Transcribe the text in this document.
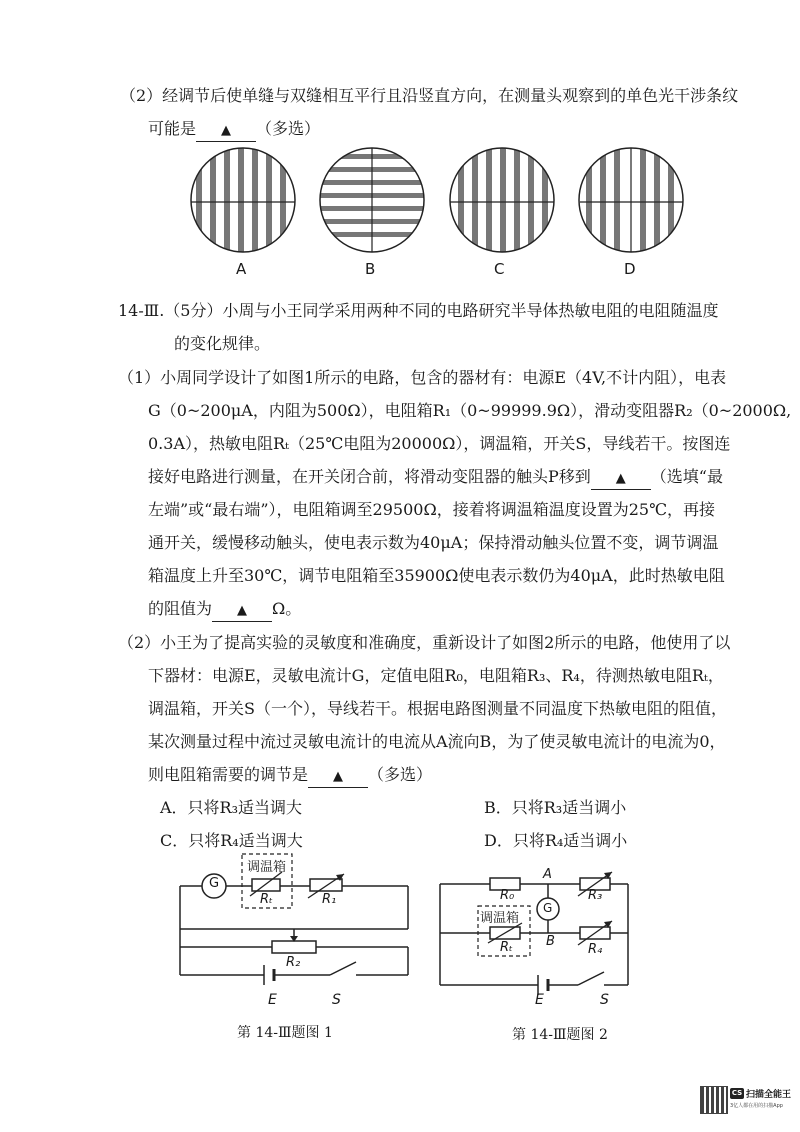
（2）经调节后使单缝与双缝相互平行且沿竖直方向，在测量头观察到的单色光干涉条纹
可能是 ▲ （多选）
A	B	C	D
14-Ⅲ.（5分）小周与小王同学采用两种不同的电路研究半导体热敏电阻的电阻随温度
的变化规律。
（1）小周同学设计了如图1所示的电路，包含的器材有：电源E（4V,不计内阻），电表
G（0~200μA，内阻为500Ω），电阻箱R₁（0~99999.9Ω），滑动变阻器R₂（0~2000Ω,
0.3A），热敏电阻Rₜ（25℃电阻为20000Ω），调温箱，开关S，导线若干。按图连
接好电路进行测量，在开关闭合前，将滑动变阻器的触头P移到 ▲ （选填“最
左端”或“最右端”），电阻箱调至29500Ω，接着将调温箱温度设置为25℃，再接
通开关，缓慢移动触头，使电表示数为40μA；保持滑动触头位置不变，调节调温
箱温度上升至30℃，调节电阻箱至35900Ω使电表示数仍为40μA，此时热敏电阻
的阻值为 ▲ Ω。
（2）小王为了提高实验的灵敏度和准确度，重新设计了如图2所示的电路，他使用了以
下器材：电源E，灵敏电流计G，定值电阻R₀，电阻箱R₃、R₄，待测热敏电阻Rₜ，
调温箱，开关S（一个），导线若干。根据电路图测量不同温度下热敏电阻的阻值，
某次测量过程中流过灵敏电流计的电流从A流向B，为了使灵敏电流计的电流为0，
则电阻箱需要的调节是 ▲ （多选）
A．只将R₃适当调大	B．只将R₃适当调小
C．只将R₄适当调大	D．只将R₄适当调小
G
调温箱
Rₜ	R₁
R₂
E	S
第 14-Ⅲ题图 1
R₀
A
R₃
G
调温箱
B
Rₜ	R₄
E	S
第 14-Ⅲ题图 2
CS 扫描全能王
3亿人都在用的扫描App
